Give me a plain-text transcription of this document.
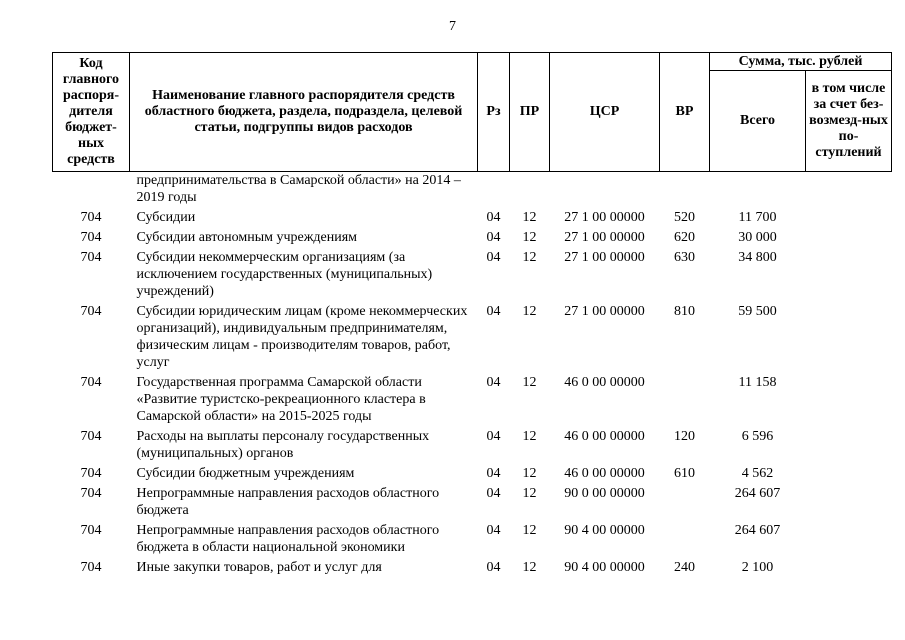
7
Код главного распоря-дителя бюджет-ных средств	Наименование главного распорядителя средств областного бюджета, раздела, подраздела, целевой статьи, подгруппы видов расходов	Рз	ПР	ЦСР	ВР	Сумма, тыс. рублей	
						Всего	в том числе за счет без-возмезд-ных по-ступлений
	предпринимательства в Самарской области» на 2014 – 2019 годы						
704	Субсидии	04	12	27 1 00 00000	520	11 700	
704	Субсидии автономным учреждениям	04	12	27 1 00 00000	620	30 000	
704	Субсидии некоммерческим организациям (за исключением государственных (муниципальных) учреждений)	04	12	27 1 00 00000	630	34 800	
704	Субсидии юридическим лицам (кроме некоммерческих организаций), индивидуальным предпринимателям, физическим лицам - производителям товаров, работ, услуг	04	12	27 1 00 00000	810	59 500	
704	Государственная программа Самарской области «Развитие туристско-рекреационного кластера в Самарской области» на 2015-2025 годы	04	12	46 0 00 00000		11 158	
704	Расходы на выплаты персоналу государственных (муниципальных) органов	04	12	46 0 00 00000	120	6 596	
704	Субсидии бюджетным учреждениям	04	12	46 0 00 00000	610	4 562	
704	Непрограммные направления расходов областного бюджета	04	12	90 0 00 00000		264 607	
704	Непрограммные направления расходов областного бюджета в области национальной экономики	04	12	90 4 00 00000		264 607	
704	Иные закупки товаров, работ и услуг для	04	12	90 4 00 00000	240	2 100	
